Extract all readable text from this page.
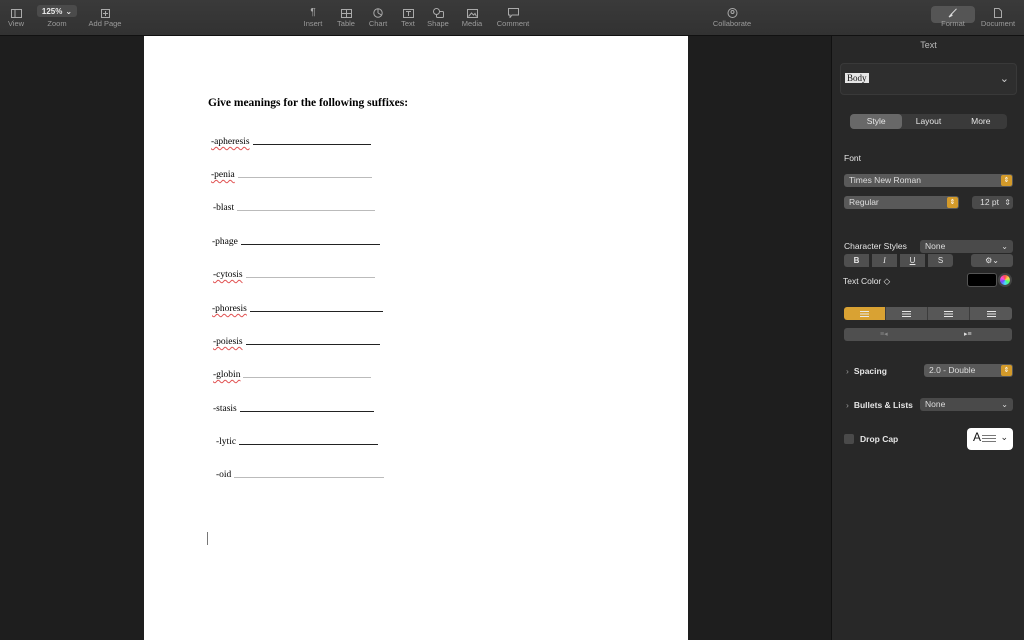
View
125% ⌄
Zoom	Add Page
¶
Insert Table Chart Text Shape Media Comment	Collaborate	Format Document
Give meanings for the following suffixes:
-apheresis
-penia
-blast
-phage
-cytosis
-phoresis
-poiesis
-globin
-stasis
-lytic
-oid
Text
Body	⌄
Style	Layout	More
Font
Times New Roman	⇕
Regular	⇕	12 pt ⇕
B	I	U	S	⚙⌄
Character Styles	None	⌄
Text Color ◇
≡◂	▸≡
› Spacing	2.0 - Double	⇕
› Bullets & Lists	None	⌄
Drop Cap	A ⌄
